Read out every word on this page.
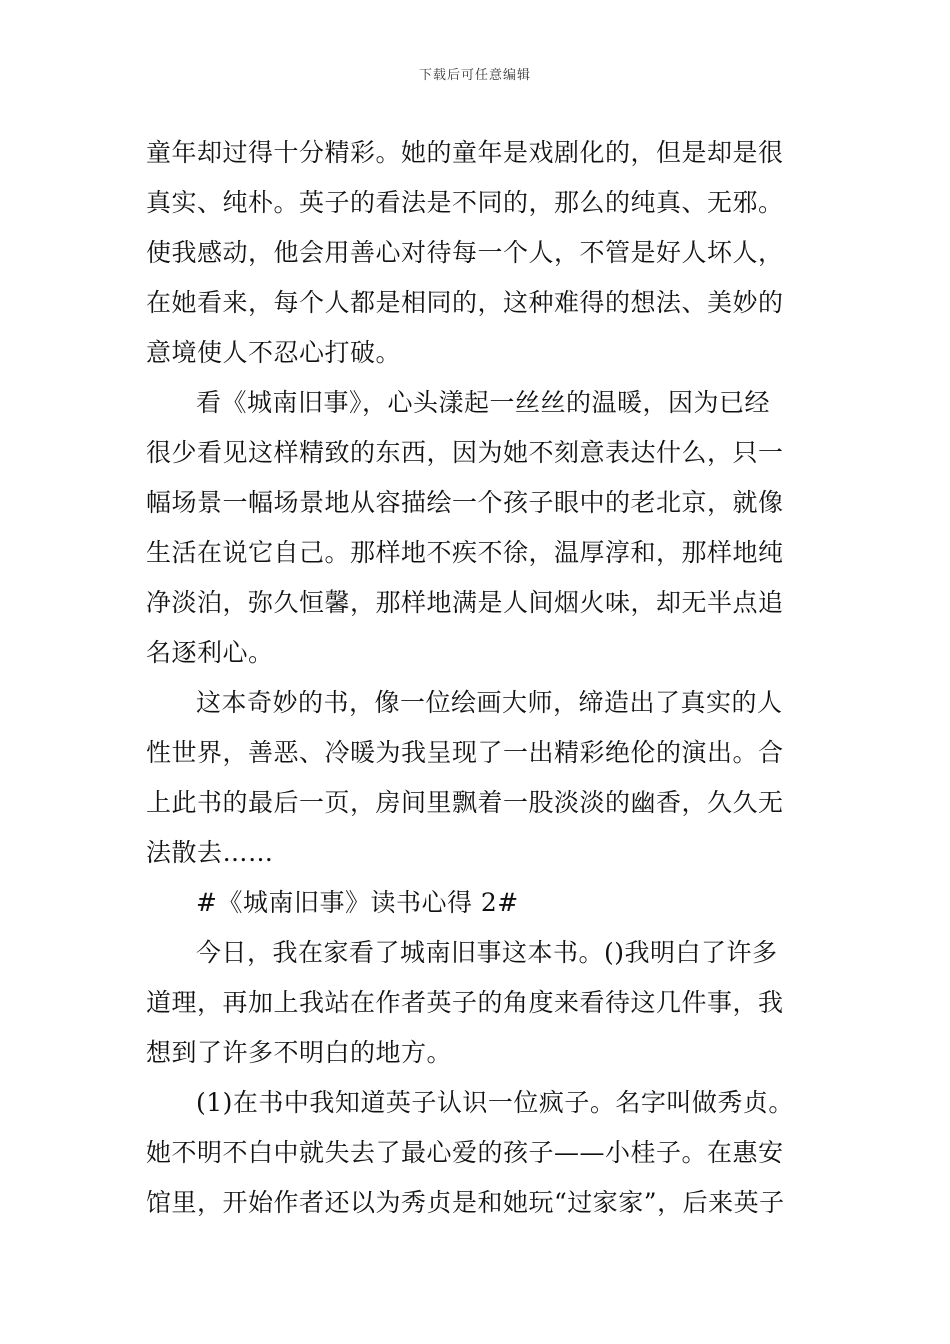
下载后可任意编辑
童年却过得十分精彩。她的童年是戏剧化的，但是却是很
真实、纯朴。英子的看法是不同的，那么的纯真、无邪。
使我感动，他会用善心对待每一个人，不管是好人坏人，
在她看来，每个人都是相同的，这种难得的想法、美妙的
意境使人不忍心打破。
看《城南旧事》，心头漾起一丝丝的温暖，因为已经
很少看见这样精致的东西，因为她不刻意表达什么，只一
幅场景一幅场景地从容描绘一个孩子眼中的老北京，就像
生活在说它自己。那样地不疾不徐，温厚淳和，那样地纯
净淡泊，弥久恒馨，那样地满是人间烟火味，却无半点追
名逐利心。
这本奇妙的书，像一位绘画大师，缔造出了真实的人
性世界，善恶、冷暖为我呈现了一出精彩绝伦的演出。合
上此书的最后一页，房间里飘着一股淡淡的幽香，久久无
法散去……
#《城南旧事》读书心得 2#
今日，我在家看了城南旧事这本书。()我明白了许多
道理，再加上我站在作者英子的角度来看待这几件事，我
想到了许多不明白的地方。
(1)在书中我知道英子认识一位疯子。名字叫做秀贞。
她不明不白中就失去了最心爱的孩子——小桂子。在惠安
馆里，开始作者还以为秀贞是和她玩“过家家”，后来英子
